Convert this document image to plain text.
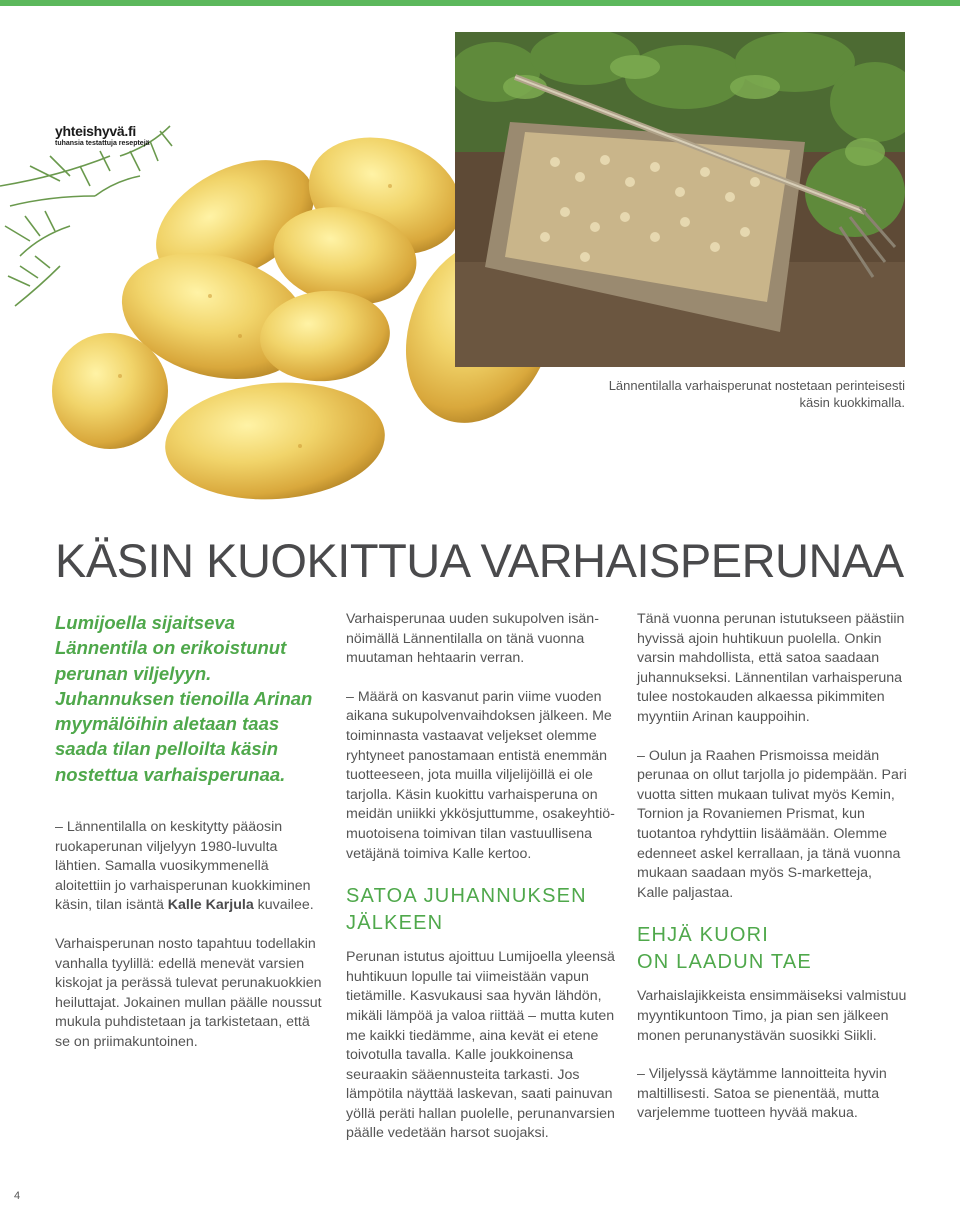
yhteishyvä.fi
tuhansia testattuja reseptejä
Lännentilalla varhaisperunat nostetaan perinteisesti käsin kuokkimalla.
KÄSIN KUOKITTUA VARHAISPERUNAA

Lumijoella sijaitseva Lännentila on erikoistunut perunan viljelyyn. Juhannuksen tienoilla Arinan myymälöihin aletaan taas saada tilan pelloilta käsin nostettua varhaisperunaa.

– Lännentilalla on keskitytty pääosin ruokaperunan viljelyyn 1980-luvulta lähtien. Samalla vuosikymmenellä aloitettiin jo varhaisperunan kuokkiminen käsin, tilan isäntä Kalle Karjula kuvailee.

Varhaisperunan nosto tapahtuu todellakin vanhalla tyylillä: edellä menevät varsien kiskojat ja perässä tulevat perunakuokkien heiluttajat. Jokainen mullan päälle noussut mukula puhdistetaan ja tarkistetaan, että se on priimakuntoinen.

Varhaisperunaa uuden sukupolven isännöimällä Lännentilalla on tänä vuonna muutaman hehtaarin verran.

– Määrä on kasvanut parin viime vuoden aikana sukupolvenvaihdoksen jälkeen. Me toiminnasta vastaavat veljekset olemme ryhtyneet panostamaan entistä enemmän tuotteeseen, jota muilla viljelijöillä ei ole tarjolla. Käsin kuokittu varhaisperuna on meidän uniikki ykkösjuttumme, osakeyhtiömuotoisena toimivan tilan vastuullisena vetäjänä toimiva Kalle kertoo.

SATOA JUHANNUKSEN
JÄLKEEN

Perunan istutus ajoittuu Lumijoella yleensä huhtikuun lopulle tai viimeistään vapun tietämille. Kasvukausi saa hyvän lähdön, mikäli lämpöä ja valoa riittää – mutta kuten me kaikki tiedämme, aina kevät ei etene toivotulla tavalla. Kalle joukkoinensa seuraakin sääennusteita tarkasti. Jos lämpötila näyttää laskevan, saati painuvan yöllä peräti hallan puolelle, perunanvarsien päälle vedetään harsot suojaksi.

Tänä vuonna perunan istutukseen päästiin hyvissä ajoin huhtikuun puolella. Onkin varsin mahdollista, että satoa saadaan juhannukseksi. Lännentilan varhaisperuna tulee nostokauden alkaessa pikimmiten myyntiin Arinan kauppoihin.

– Oulun ja Raahen Prismoissa meidän perunaa on ollut tarjolla jo pidempään. Pari vuotta sitten mukaan tulivat myös Kemin, Tornion ja Rovaniemen Prismat, kun tuotantoa ryhdyttiin lisäämään. Olemme edenneet askel kerrallaan, ja tänä vuonna mukaan saadaan myös S-marketteja, Kalle paljastaa.

EHJÄ KUORI
ON LAADUN TAE

Varhaislajikkeista ensimmäiseksi valmistuu myyntikuntoon Timo, ja pian sen jälkeen monen perunanystävän suosikki Siikli.

– Viljelyssä käytämme lannoitteita hyvin maltillisesti. Satoa se pienentää, mutta varjelemme tuotteen hyvää makua.

4
